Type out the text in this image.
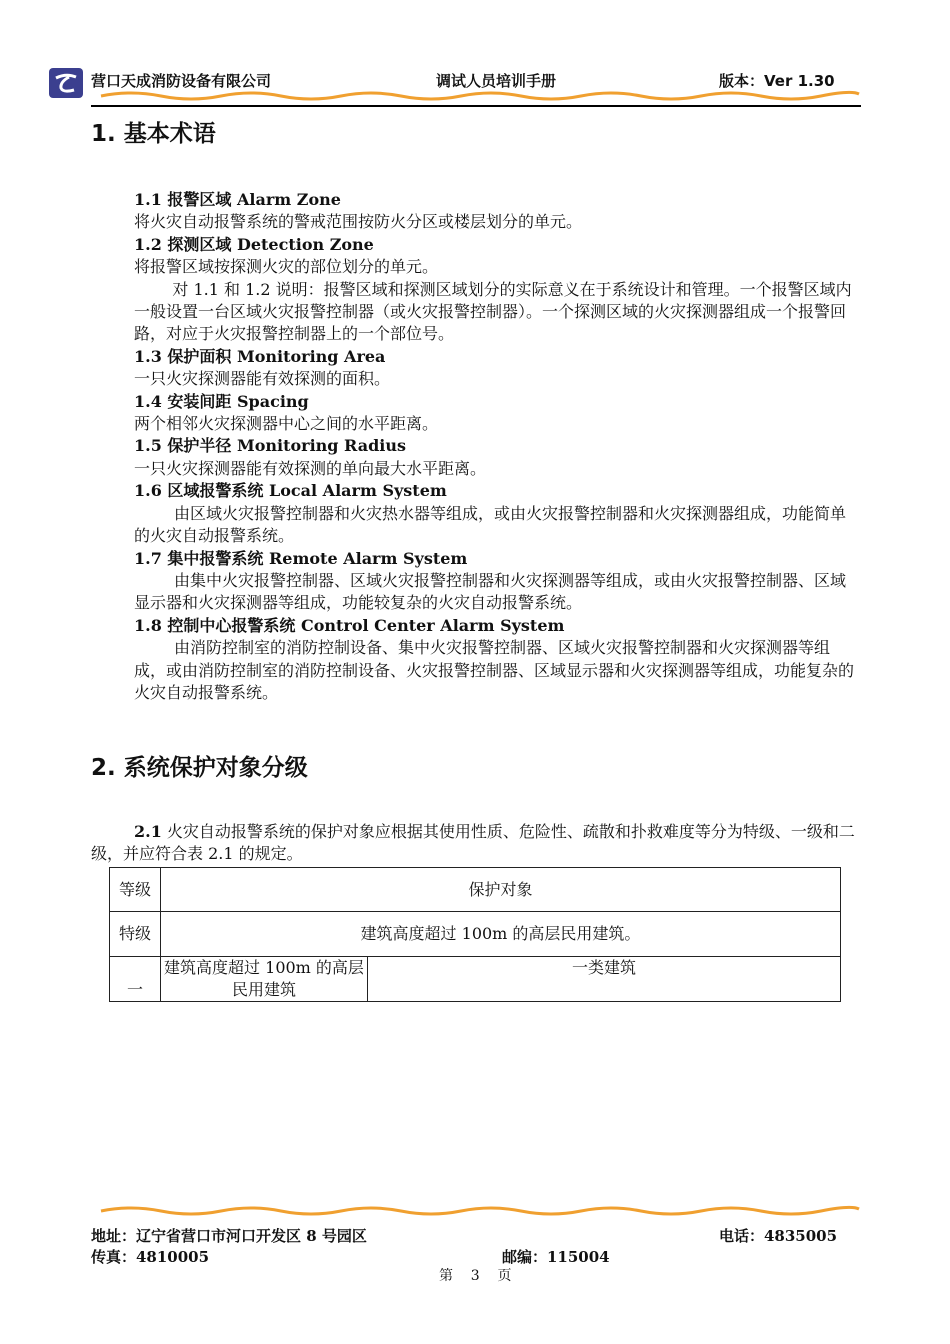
营口天成消防设备有限公司	调试人员培训手册	版本：Ver 1.30
1. 基本术语

1.1 报警区域 Alarm Zone

将火灾自动报警系统的警戒范围按防火分区或楼层划分的单元。

1.2 探测区域 Detection Zone

将报警区域按探测火灾的部位划分的单元。

对 1.1 和 1.2 说明：报警区域和探测区域划分的实际意义在于系统设计和管理。一个报警区域内一般设置一台区域火灾报警控制器（或火灾报警控制器）。一个探测区域的火灾探测器组成一个报警回路，对应于火灾报警控制器上的一个部位号。

1.3 保护面积 Monitoring Area

一只火灾探测器能有效探测的面积。

1.4 安装间距 Spacing

两个相邻火灾探测器中心之间的水平距离。

1.5 保护半径 Monitoring Radius

一只火灾探测器能有效探测的单向最大水平距离。

1.6 区域报警系统 Local Alarm System

由区域火灾报警控制器和火灾热水器等组成，或由火灾报警控制器和火灾探测器组成，功能简单的火灾自动报警系统。

1.7 集中报警系统 Remote Alarm System

由集中火灾报警控制器、区域火灾报警控制器和火灾探测器等组成，或由火灾报警控制器、区域显示器和火灾探测器等组成，功能较复杂的火灾自动报警系统。

1.8 控制中心报警系统 Control Center Alarm System

由消防控制室的消防控制设备、集中火灾报警控制器、区域火灾报警控制器和火灾探测器等组成，或由消防控制室的消防控制设备、火灾报警控制器、区域显示器和火灾探测器等组成，功能复杂的火灾自动报警系统。

2. 系统保护对象分级
2.1 火灾自动报警系统的保护对象应根据其使用性质、危险性、疏散和扑救难度等分为特级、一级和二级，并应符合表 2.1 的规定。
等级	保护对象	
特级	建筑高度超过 100m 的高层民用建筑。	
一	建筑高度超过 100m 的高层民用建筑	一类建筑
地址：辽宁省营口市河口开发区 8 号园区	电话：4835005
传真：4810005	邮编：115004
第    3    页
